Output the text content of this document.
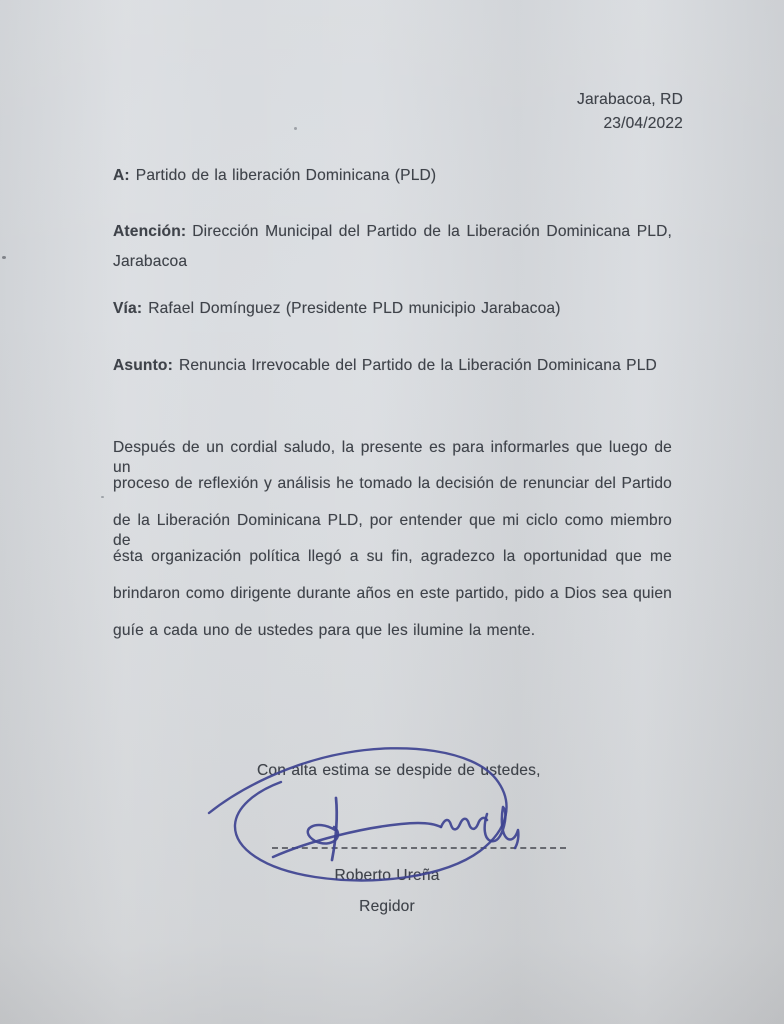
Jarabacoa, RD
23/04/2022
A: Partido de la liberación Dominicana (PLD)
Atención: Dirección Municipal del Partido de la Liberación Dominicana PLD,
Jarabacoa
Vía: Rafael Domínguez (Presidente PLD municipio Jarabacoa)
Asunto: Renuncia Irrevocable del Partido de la Liberación Dominicana PLD
Después de un cordial saludo, la presente es para informarles que luego de un
proceso de reflexión y análisis he tomado la decisión de renunciar del Partido
de la Liberación Dominicana PLD, por entender que mi ciclo como miembro de
ésta organización política llegó a su fin, agradezco la oportunidad que me
brindaron como dirigente durante años en este partido, pido a Dios sea quien
guíe a cada uno de ustedes para que les ilumine la mente.
Con alta estima se despide de ustedes,
Roberto Ureña
Regidor
